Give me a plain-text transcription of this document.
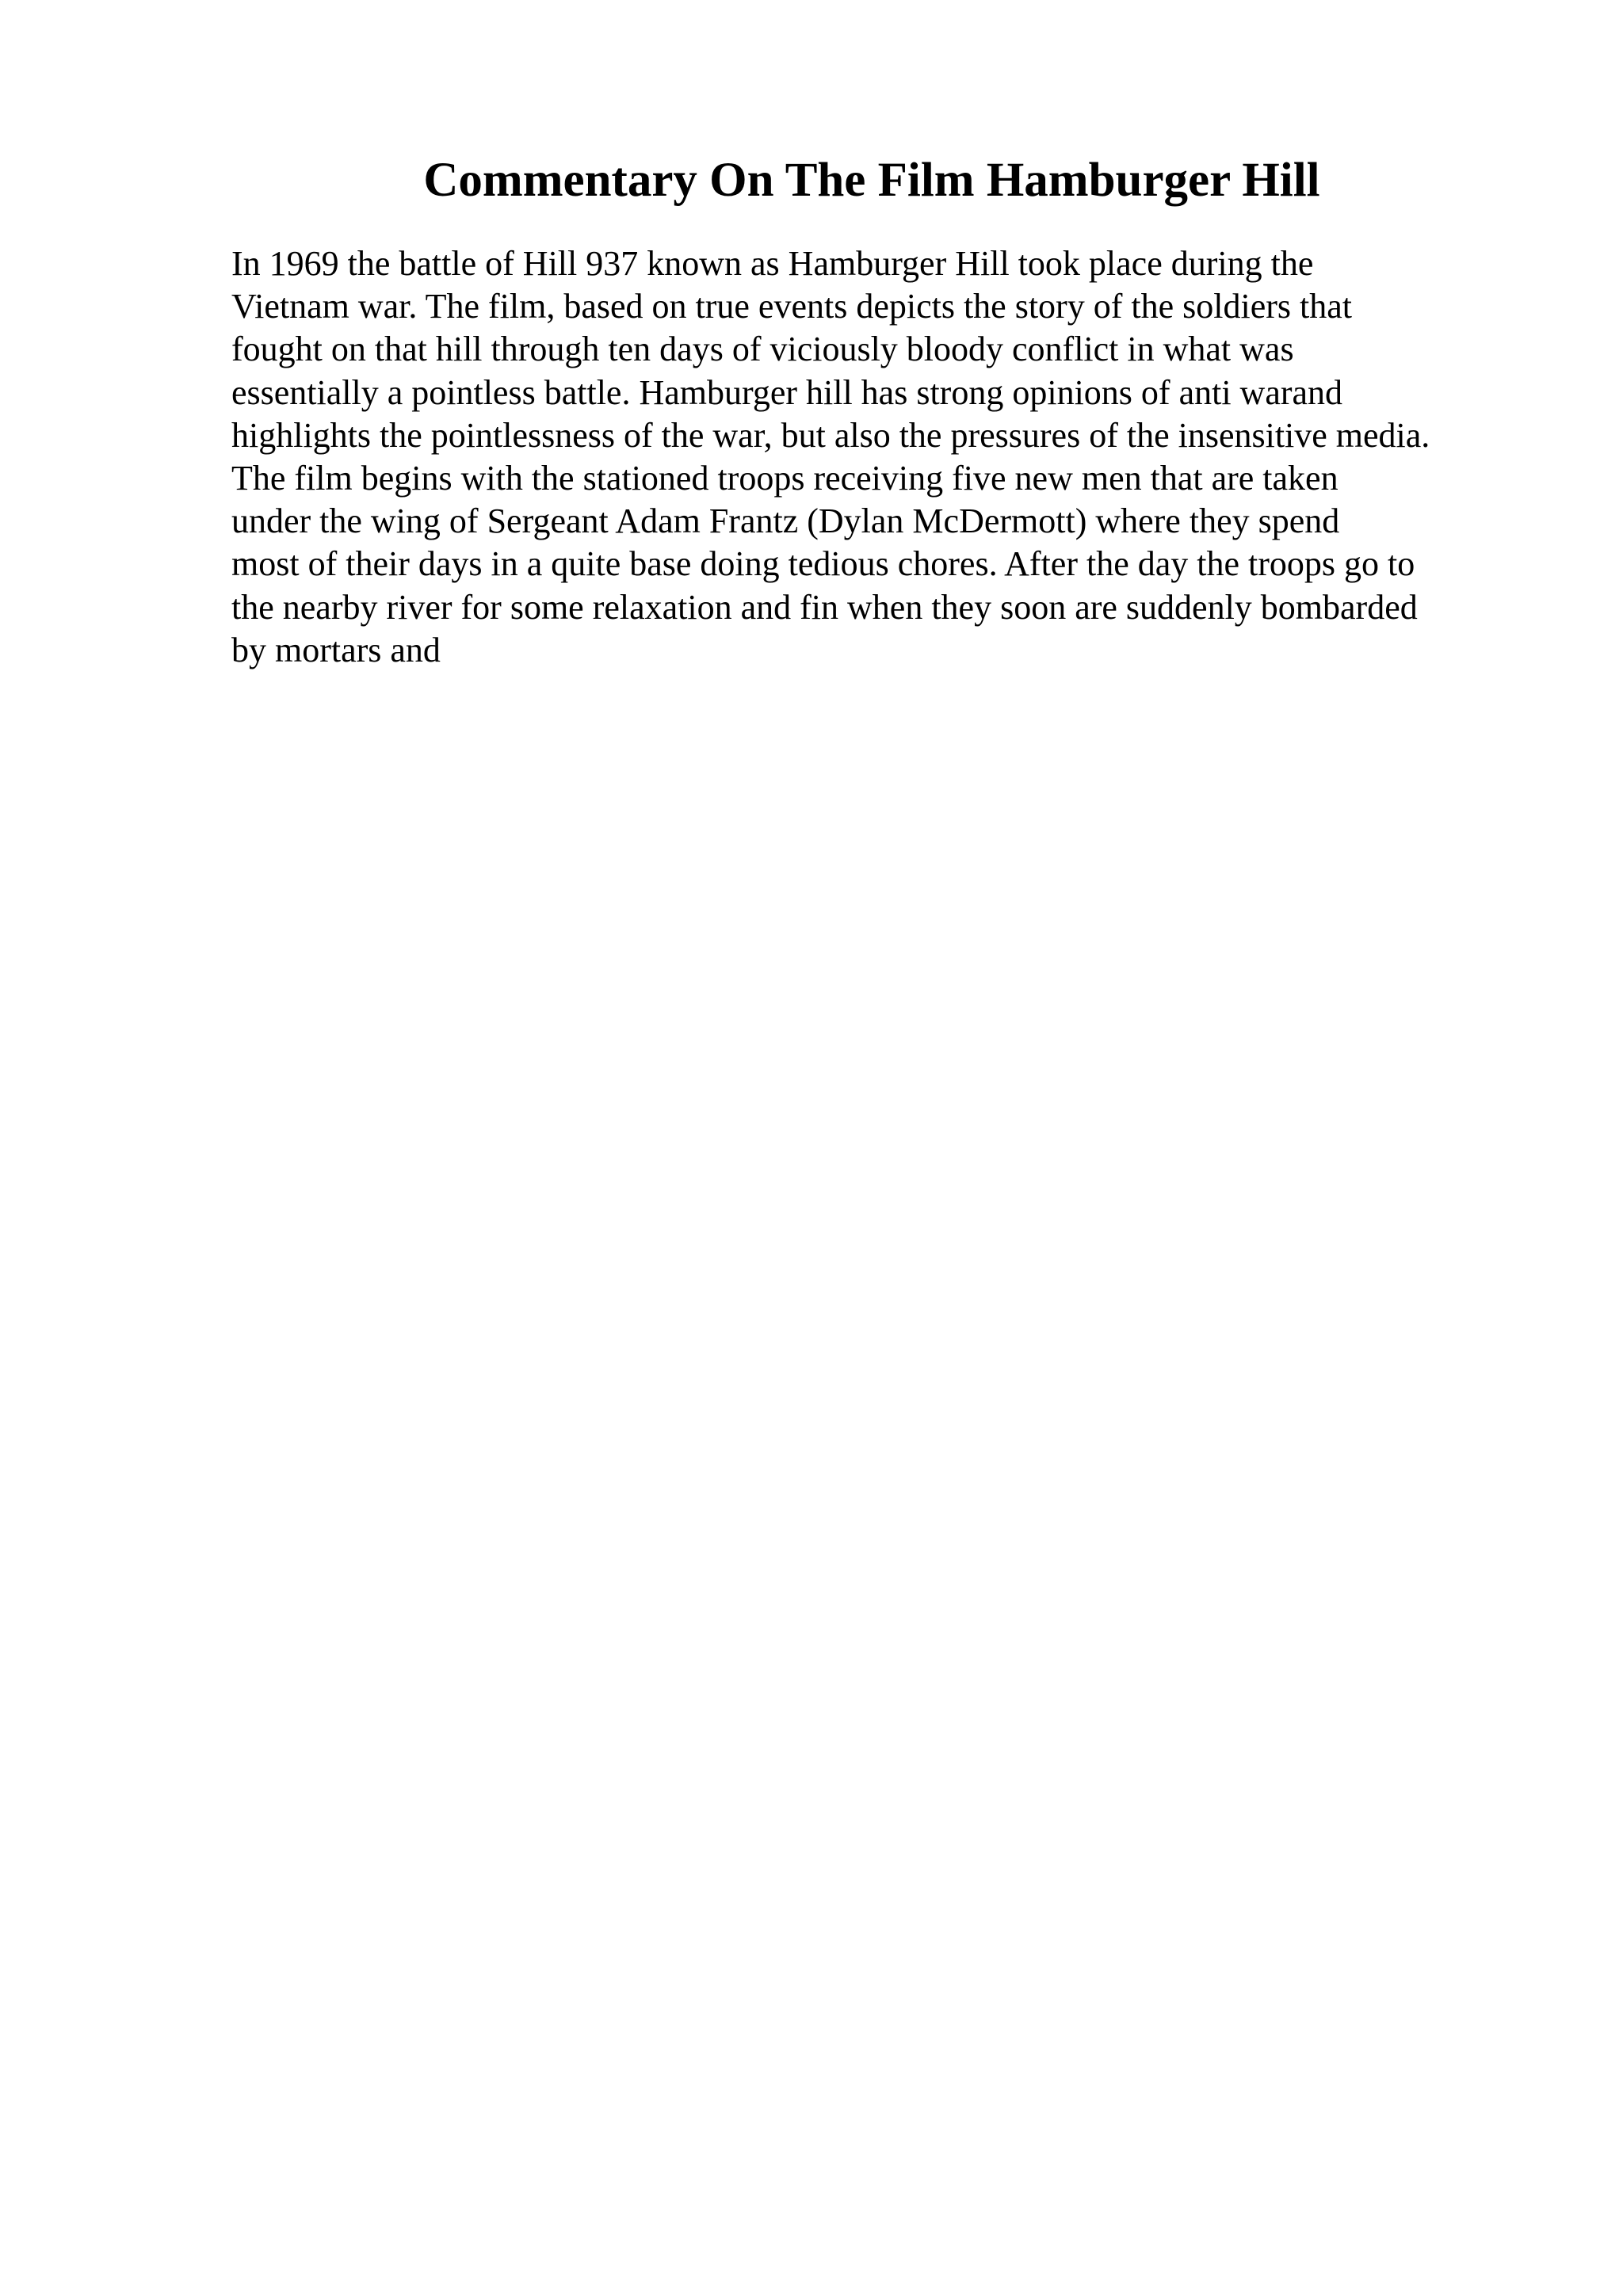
Commentary On The Film Hamburger Hill
In 1969 the battle of Hill 937 known as Hamburger Hill took place during the
Vietnam war. The film, based on true events depicts the story of the soldiers that
fought on that hill through ten days of viciously bloody conflict in what was
essentially a pointless battle. Hamburger hill has strong opinions of anti warand
highlights the pointlessness of the war, but also the pressures of the insensitive media.
The film begins with the stationed troops receiving five new men that are taken
under the wing of Sergeant Adam Frantz (Dylan McDermott) where they spend
most of their days in a quite base doing tedious chores. After the day the troops go to
the nearby river for some relaxation and fin when they soon are suddenly bombarded
by mortars and
